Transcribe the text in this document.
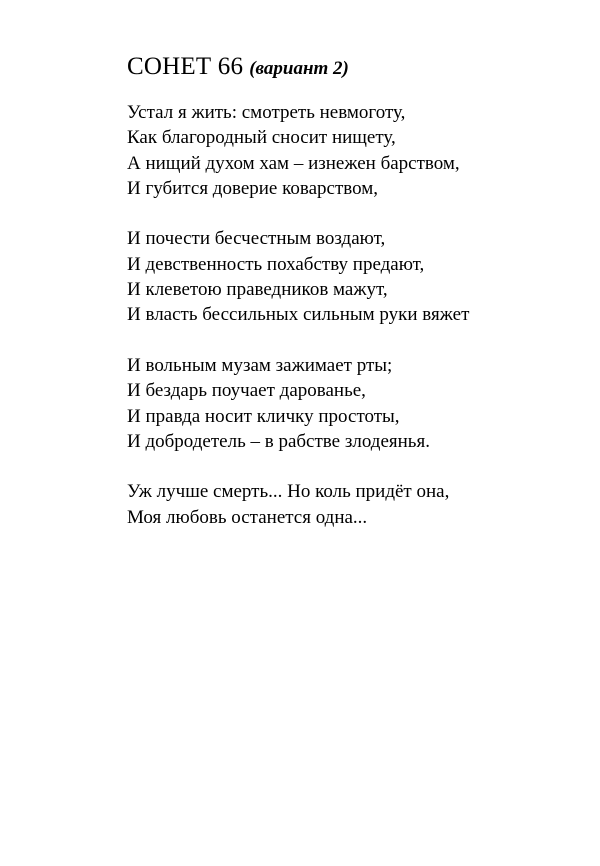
СОНЕТ 66 (вариант 2)
Устал я жить: смотреть невмоготу,
Как благородный сносит нищету,
А нищий духом хам – изнежен барством,
И губится доверие коварством,
И почести бесчестным воздают,
И девственность похабству предают,
И клеветою праведников мажут,
И власть бессильных сильным руки вяжет
И вольным музам зажимает рты;
И бездарь поучает дарованье,
И правда носит кличку простоты,
И добродетель – в рабстве злодеянья.
Уж лучше смерть... Но коль придёт она,
Моя любовь останется одна...
